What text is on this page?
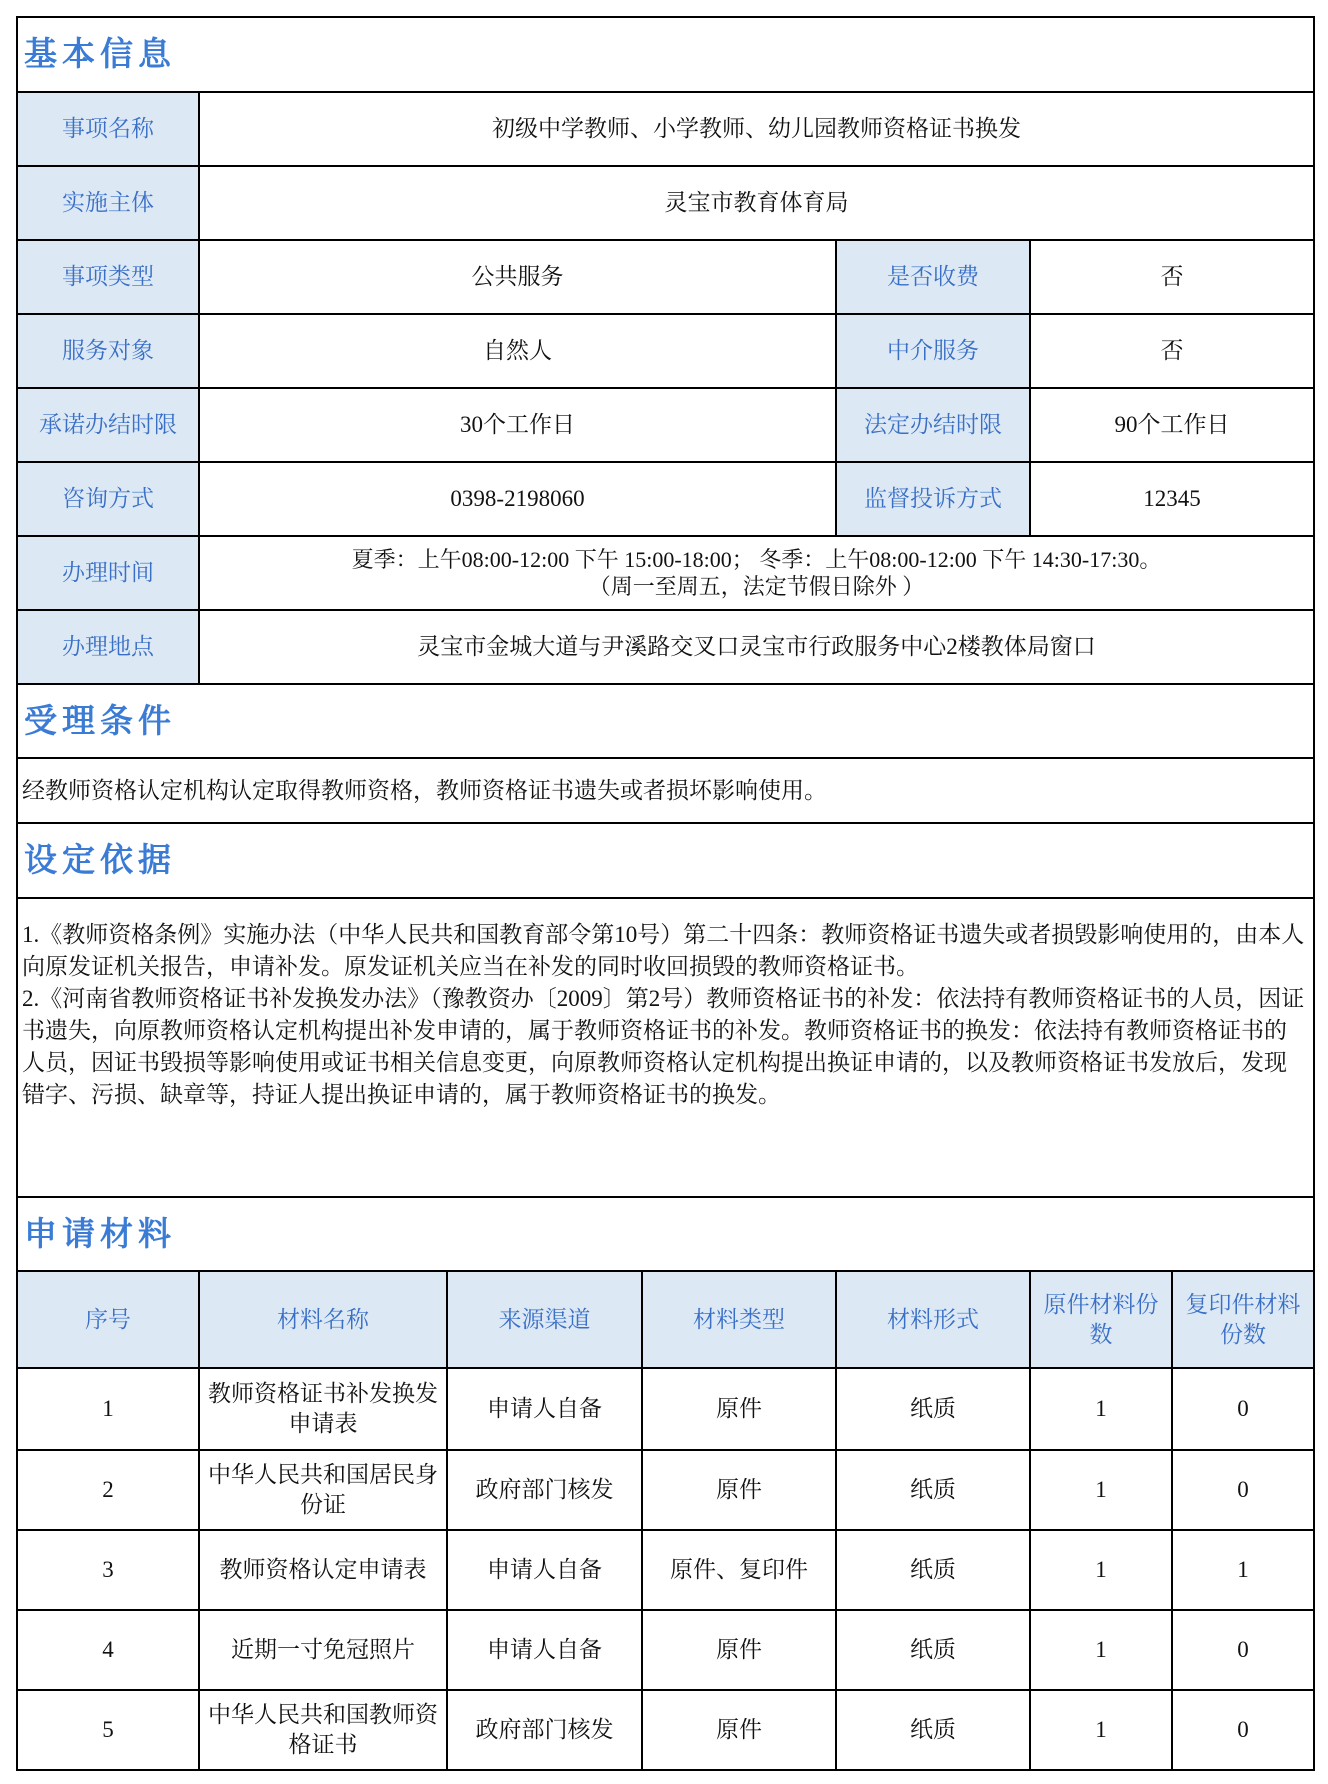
基本信息						
事项名称	初级中学教师、小学教师、幼儿园教师资格证书换发					
实施主体	灵宝市教育体育局					
事项类型	公共服务			是否收费	否	
服务对象	自然人			中介服务	否	
承诺办结时限	30个工作日			法定办结时限	90个工作日	
咨询方式	0398-2198060			监督投诉方式	12345	
办理时间	夏季：上午08:00-12:00 下午 15:00-18:00； 冬季：上午08:00-12:00 下午 14:30-17:30。
（周一至周五，法定节假日除外 ）					

办理地点	灵宝市金城大道与尹溪路交叉口灵宝市行政服务中心2楼教体局窗口					
受理条件						
经教师资格认定机构认定取得教师资格，教师资格证书遗失或者损坏影响使用。						
设定依据						

1.《教师资格条例》实施办法（中华人民共和国教育部令第10号）第二十四条：教师资格证书遗失或者损毁影响使用的，由本人向原发证机关报告，申请补发。原发证机关应当在补发的同时收回损毁的教师资格证书。
2.《河南省教师资格证书补发换发办法》（豫教资办〔2009〕第2号）教师资格证书的补发：依法持有教师资格证书的人员，因证书遗失，向原教师资格认定机构提出补发申请的，属于教师资格证书的补发。教师资格证书的换发：依法持有教师资格证书的人员，因证书毁损等影响使用或证书相关信息变更，向原教师资格认定机构提出换证申请的，以及教师资格证书发放后，发现错字、污损、缺章等，持证人提出换证申请的，属于教师资格证书的换发。						

申请材料						
序号	材料名称	来源渠道	材料类型	材料形式	原件材料份数	复印件材料份数
1	教师资格证书补发换发申请表	申请人自备	原件	纸质	1	0
2	中华人民共和国居民身份证	政府部门核发	原件	纸质	1	0
3	教师资格认定申请表	申请人自备	原件、复印件	纸质	1	1
4	近期一寸免冠照片	申请人自备	原件	纸质	1	0
5	中华人民共和国教师资格证书	政府部门核发	原件	纸质	1	0
